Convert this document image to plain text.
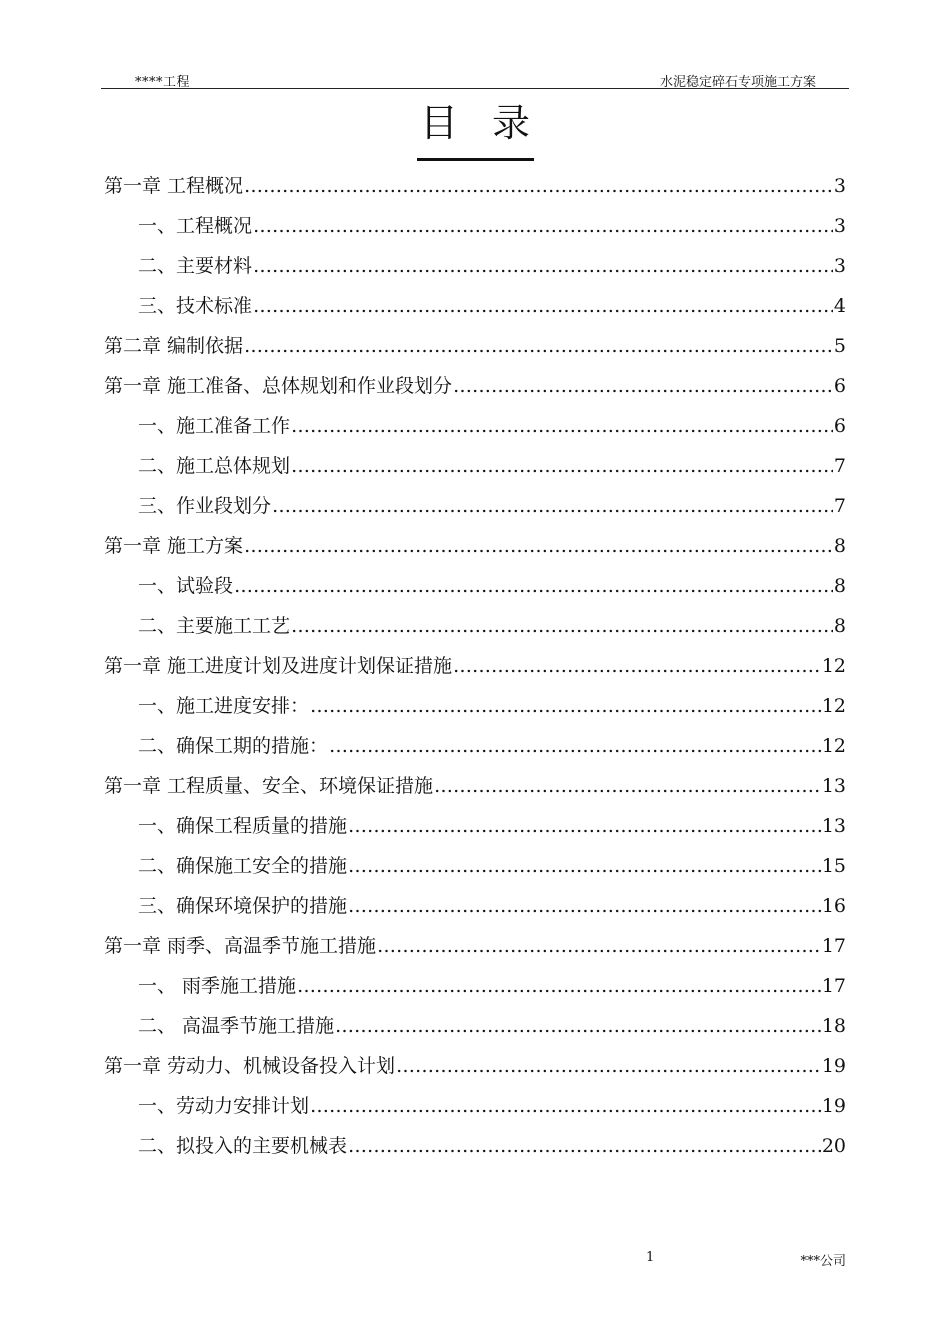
****工程	水泥稳定碎石专项施工方案
目录
第一章 工程概况 ………………………………………………………………………………………………………………………………………………………………	3
一、工程概况 ………………………………………………………………………………………………………………………………………………………………	3
二、主要材料 ………………………………………………………………………………………………………………………………………………………………	3
三、技术标准 ………………………………………………………………………………………………………………………………………………………………	4
第二章 编制依据 ………………………………………………………………………………………………………………………………………………………………	5
第一章 施工准备、总体规划和作业段划分 ………………………………………………………………………………………………………………………………………………………………	6
一、施工准备工作 ………………………………………………………………………………………………………………………………………………………………	6
二、施工总体规划 ………………………………………………………………………………………………………………………………………………………………	7
三、作业段划分 ………………………………………………………………………………………………………………………………………………………………	7
第一章 施工方案 ………………………………………………………………………………………………………………………………………………………………	8
一、试验段 ………………………………………………………………………………………………………………………………………………………………	8
二、主要施工工艺 ………………………………………………………………………………………………………………………………………………………………	8
第一章 施工进度计划及进度计划保证措施 ………………………………………………………………………………………………………………………………………………………………	12
一、施工进度安排： ………………………………………………………………………………………………………………………………………………………………	12
二、确保工期的措施： ………………………………………………………………………………………………………………………………………………………………	12
第一章 工程质量、安全、环境保证措施 ………………………………………………………………………………………………………………………………………………………………	13
一、确保工程质量的措施 ………………………………………………………………………………………………………………………………………………………………	13
二、确保施工安全的措施 ………………………………………………………………………………………………………………………………………………………………	15
三、确保环境保护的措施 ………………………………………………………………………………………………………………………………………………………………	16
第一章 雨季、高温季节施工措施 ………………………………………………………………………………………………………………………………………………………………	17
一、 雨季施工措施 ………………………………………………………………………………………………………………………………………………………………	17
二、 高温季节施工措施 ………………………………………………………………………………………………………………………………………………………………	18
第一章 劳动力、机械设备投入计划 ………………………………………………………………………………………………………………………………………………………………	19
一、劳动力安排计划 ………………………………………………………………………………………………………………………………………………………………	19
二、拟投入的主要机械表 ………………………………………………………………………………………………………………………………………………………………	20
1	***公司
